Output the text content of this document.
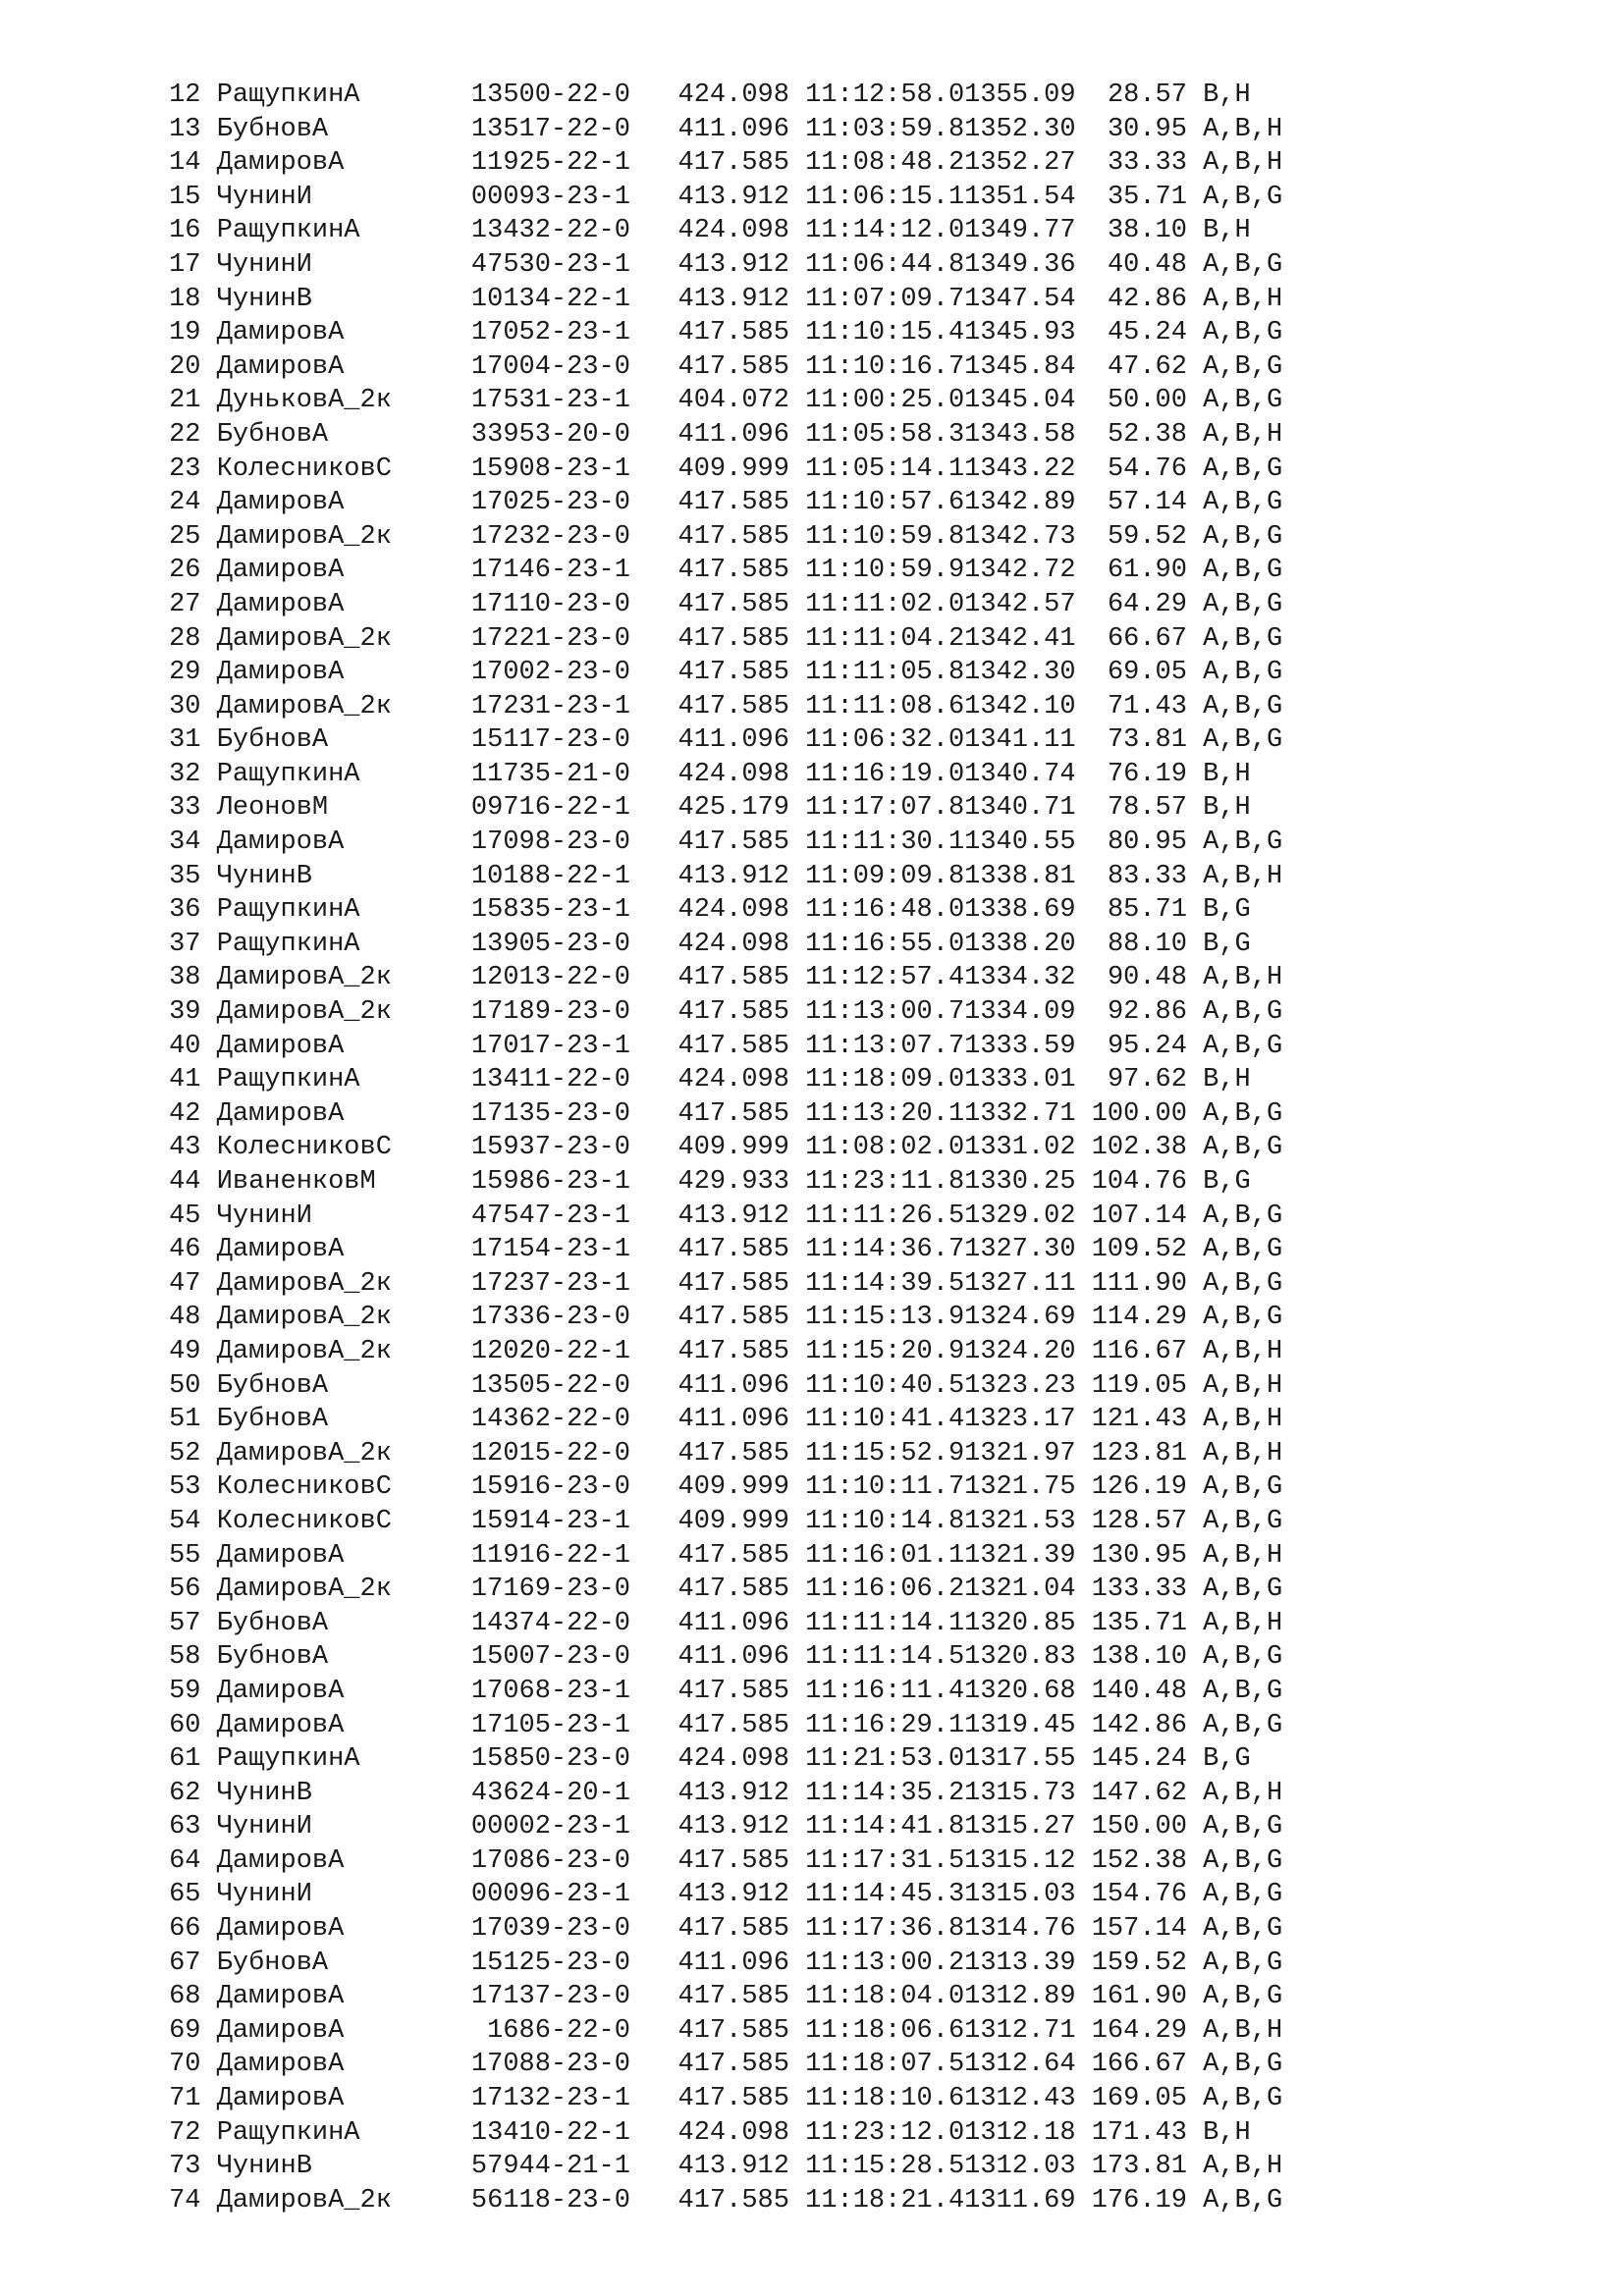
12 РащупкинА	13500-22-0 424.098 11:12:58.01355.09 28.57 B,H
13 БубновА	13517-22-0 411.096 11:03:59.81352.30 30.95 A,B,H
14 ДамировА	11925-22-1 417.585 11:08:48.21352.27 33.33 A,B,H
15 ЧунинИ	00093-23-1 413.912 11:06:15.11351.54 35.71 A,B,G
16 РащупкинА	13432-22-0 424.098 11:14:12.01349.77 38.10 B,H
17 ЧунинИ	47530-23-1 413.912 11:06:44.81349.36 40.48 A,B,G
18 ЧунинВ	10134-22-1 413.912 11:07:09.71347.54 42.86 A,B,H
19 ДамировА	17052-23-1 417.585 11:10:15.41345.93 45.24 A,B,G
20 ДамировА	17004-23-0 417.585 11:10:16.71345.84 47.62 A,B,G
21 ДуньковА_2к	17531-23-1 404.072 11:00:25.01345.04 50.00 A,B,G
22 БубновА	33953-20-0 411.096 11:05:58.31343.58 52.38 A,B,H
23 КолесниковС	15908-23-1 409.999 11:05:14.11343.22 54.76 A,B,G
24 ДамировА	17025-23-0 417.585 11:10:57.61342.89 57.14 A,B,G
25 ДамировА_2к	17232-23-0 417.585 11:10:59.81342.73 59.52 A,B,G
26 ДамировА	17146-23-1 417.585 11:10:59.91342.72 61.90 A,B,G
27 ДамировА	17110-23-0 417.585 11:11:02.01342.57 64.29 A,B,G
28 ДамировА_2к	17221-23-0 417.585 11:11:04.21342.41 66.67 A,B,G
29 ДамировА	17002-23-0 417.585 11:11:05.81342.30 69.05 A,B,G
30 ДамировА_2к	17231-23-1 417.585 11:11:08.61342.10 71.43 A,B,G
31 БубновА	15117-23-0 411.096 11:06:32.01341.11 73.81 A,B,G
32 РащупкинА	11735-21-0 424.098 11:16:19.01340.74 76.19 B,H
33 ЛеоновМ	09716-22-1 425.179 11:17:07.81340.71 78.57 B,H
34 ДамировА	17098-23-0 417.585 11:11:30.11340.55 80.95 A,B,G
35 ЧунинВ	10188-22-1 413.912 11:09:09.81338.81 83.33 A,B,H
36 РащупкинА	15835-23-1 424.098 11:16:48.01338.69 85.71 B,G
37 РащупкинА	13905-23-0 424.098 11:16:55.01338.20 88.10 B,G
38 ДамировА_2к	12013-22-0 417.585 11:12:57.41334.32 90.48 A,B,H
39 ДамировА_2к	17189-23-0 417.585 11:13:00.71334.09 92.86 A,B,G
40 ДамировА	17017-23-1 417.585 11:13:07.71333.59 95.24 A,B,G
41 РащупкинА	13411-22-0 424.098 11:18:09.01333.01 97.62 B,H
42 ДамировА	17135-23-0 417.585 11:13:20.11332.71 100.00 A,B,G
43 КолесниковС	15937-23-0 409.999 11:08:02.01331.02 102.38 A,B,G
44 ИваненковМ	15986-23-1 429.933 11:23:11.81330.25 104.76 B,G
45 ЧунинИ	47547-23-1 413.912 11:11:26.51329.02 107.14 A,B,G
46 ДамировА	17154-23-1 417.585 11:14:36.71327.30 109.52 A,B,G
47 ДамировА_2к	17237-23-1 417.585 11:14:39.51327.11 111.90 A,B,G
48 ДамировА_2к	17336-23-0 417.585 11:15:13.91324.69 114.29 A,B,G
49 ДамировА_2к	12020-22-1 417.585 11:15:20.91324.20 116.67 A,B,H
50 БубновА	13505-22-0 411.096 11:10:40.51323.23 119.05 A,B,H
51 БубновА	14362-22-0 411.096 11:10:41.41323.17 121.43 A,B,H
52 ДамировА_2к	12015-22-0 417.585 11:15:52.91321.97 123.81 A,B,H
53 КолесниковС	15916-23-0 409.999 11:10:11.71321.75 126.19 A,B,G
54 КолесниковС	15914-23-1 409.999 11:10:14.81321.53 128.57 A,B,G
55 ДамировА	11916-22-1 417.585 11:16:01.11321.39 130.95 A,B,H
56 ДамировА_2к	17169-23-0 417.585 11:16:06.21321.04 133.33 A,B,G
57 БубновА	14374-22-0 411.096 11:11:14.11320.85 135.71 A,B,H
58 БубновА	15007-23-0 411.096 11:11:14.51320.83 138.10 A,B,G
59 ДамировА	17068-23-1 417.585 11:16:11.41320.68 140.48 A,B,G
60 ДамировА	17105-23-1 417.585 11:16:29.11319.45 142.86 A,B,G
61 РащупкинА	15850-23-0 424.098 11:21:53.01317.55 145.24 B,G
62 ЧунинВ	43624-20-1 413.912 11:14:35.21315.73 147.62 A,B,H
63 ЧунинИ	00002-23-1 413.912 11:14:41.81315.27 150.00 A,B,G
64 ДамировА	17086-23-0 417.585 11:17:31.51315.12 152.38 A,B,G
65 ЧунинИ	00096-23-1 413.912 11:14:45.31315.03 154.76 A,B,G
66 ДамировА	17039-23-0 417.585 11:17:36.81314.76 157.14 A,B,G
67 БубновА	15125-23-0 411.096 11:13:00.21313.39 159.52 A,B,G
68 ДамировА	17137-23-0 417.585 11:18:04.01312.89 161.90 A,B,G
69 ДамировА	1686-22-0 417.585 11:18:06.61312.71 164.29 A,B,H
70 ДамировА	17088-23-0 417.585 11:18:07.51312.64 166.67 A,B,G
71 ДамировА	17132-23-1 417.585 11:18:10.61312.43 169.05 A,B,G
72 РащупкинА	13410-22-1 424.098 11:23:12.01312.18 171.43 B,H
73 ЧунинВ	57944-21-1 413.912 11:15:28.51312.03 173.81 A,B,H
74 ДамировА_2к	56118-23-0 417.585 11:18:21.41311.69 176.19 A,B,G
